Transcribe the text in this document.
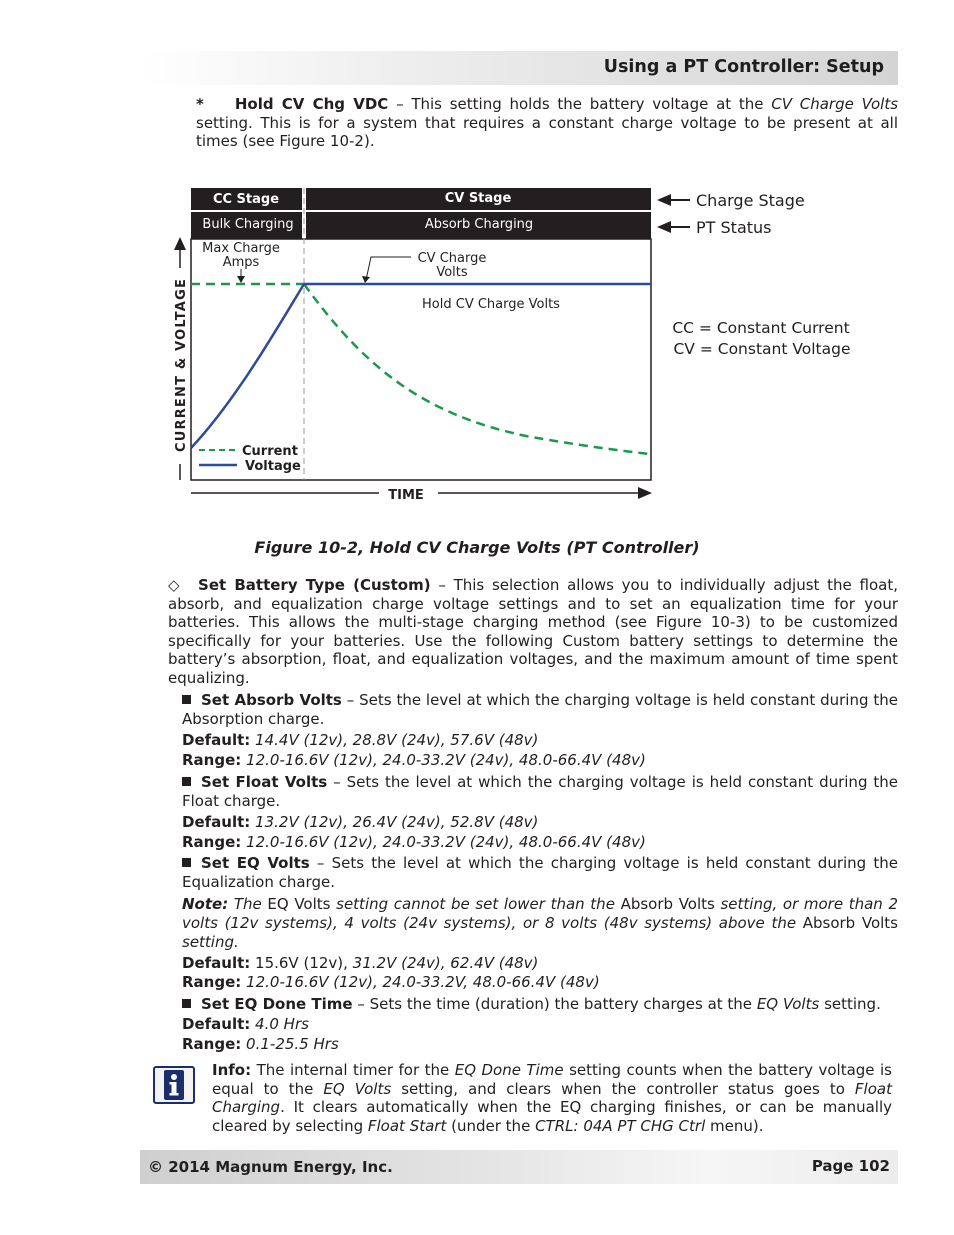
Using a PT Controller: Setup
* Hold CV Chg VDC – This setting holds the battery voltage at the CV Charge Volts setting. This is for a system that requires a constant charge voltage to be present at all times (see Figure 10-2).
CC Stage	CV Stage
Bulk Charging	Absorb Charging
Max Charge
Amps	CV Charge
Volts
Hold CV Charge Volts
Current
Voltage
CURRENT & VOLTAGE
TIME
Charge Stage
PT Status
CC = Constant Current
CV = Constant Voltage
Figure 10-2, Hold CV Charge Volts (PT Controller)
◇ Set Battery Type (Custom) – This selection allows you to individually adjust the float, absorb, and equalization charge voltage settings and to set an equalization time for your batteries. This allows the multi-stage charging method (see Figure 10-3) to be customized specifically for your batteries. Use the following Custom battery settings to determine the battery’s absorption, float, and equalization voltages, and the maximum amount of time spent equalizing.
Set Absorb Volts – Sets the level at which the charging voltage is held constant during the Absorption charge.
Default: 14.4V (12v), 28.8V (24v), 57.6V (48v)
Range: 12.0-16.6V (12v), 24.0-33.2V (24v), 48.0-66.4V (48v)
Set Float Volts – Sets the level at which the charging voltage is held constant during the Float charge.
Default: 13.2V (12v), 26.4V (24v), 52.8V (48v)
Range: 12.0-16.6V (12v), 24.0-33.2V (24v), 48.0-66.4V (48v)
Set EQ Volts – Sets the level at which the charging voltage is held constant during the Equalization charge.
Note: The EQ Volts setting cannot be set lower than the Absorb Volts setting, or more than 2 volts (12v systems), 4 volts (24v systems), or 8 volts (48v systems) above the Absorb Volts setting.
Default: 15.6V (12v), 31.2V (24v), 62.4V (48v)
Range: 12.0-16.6V (12v), 24.0-33.2V, 48.0-66.4V (48v)
Set EQ Done Time – Sets the time (duration) the battery charges at the EQ Volts setting.
Default: 4.0 Hrs
Range: 0.1-25.5 Hrs
Info: The internal timer for the EQ Done Time setting counts when the battery voltage is equal to the EQ Volts setting, and clears when the controller status goes to Float Charging. It clears automatically when the EQ charging finishes, or can be manually cleared by selecting Float Start (under the CTRL: 04A PT CHG Ctrl menu).
© 2014 Magnum Energy, Inc.	Page 102
